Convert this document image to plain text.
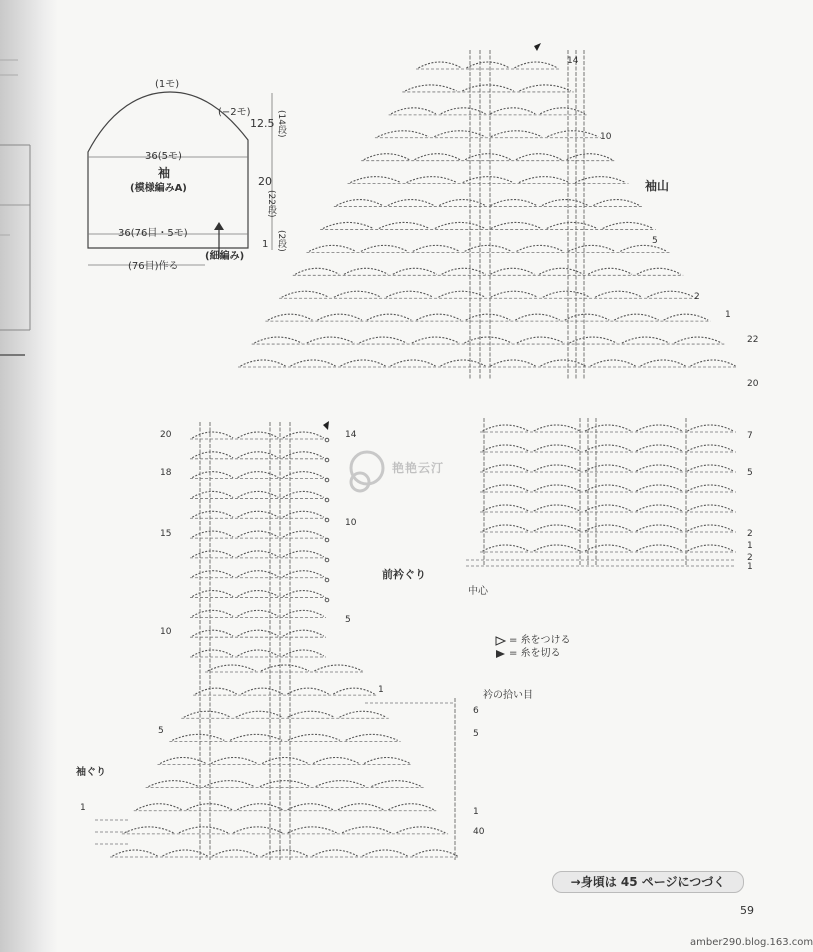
(1モ)
(−2モ)
12.5 (14段)
36(5モ)
袖
(模様編みA)
20
(22段)
36(76目・5モ)
1 (2段)
(細編み)
(76目)作る
袖山
14
10
5
2
1
22
20
7
5
2
1
2
1
中心
前衿ぐり
20
18
15
10
5
1
14
10
5
1
6
5
1
40
衿の拾い目
袖ぐり
= 糸をつける
= 糸を切る
艳艳云汀
→身頃は 45 ページにつづく
59
amber290.blog.163.com
